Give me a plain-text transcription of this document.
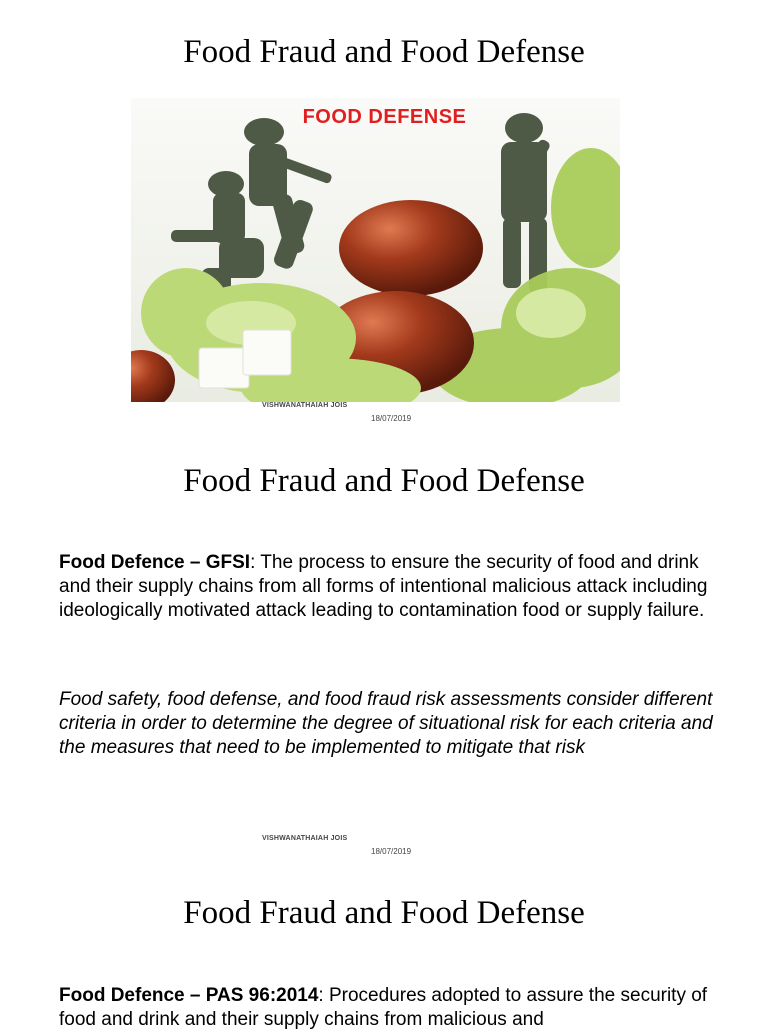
Food Fraud and Food Defense
FOOD DEFENSE
VISHWANATHAIAH JOIS
18/07/2019
Food Fraud and Food Defense

Food Defence – GFSI: The process to ensure the security of food and drink and their supply chains from all forms of intentional malicious attack including ideologically motivated attack leading to contamination food or supply failure.

Food safety, food defense, and food fraud risk assessments consider different criteria in order to determine the degree of situational risk for each criteria and the measures that need to be implemented to mitigate that risk

VISHWANATHAIAH JOIS
18/07/2019
Food Fraud and Food Defense

Food Defence – PAS 96:2014: Procedures adopted to assure the security of food and drink and their supply chains from malicious and
